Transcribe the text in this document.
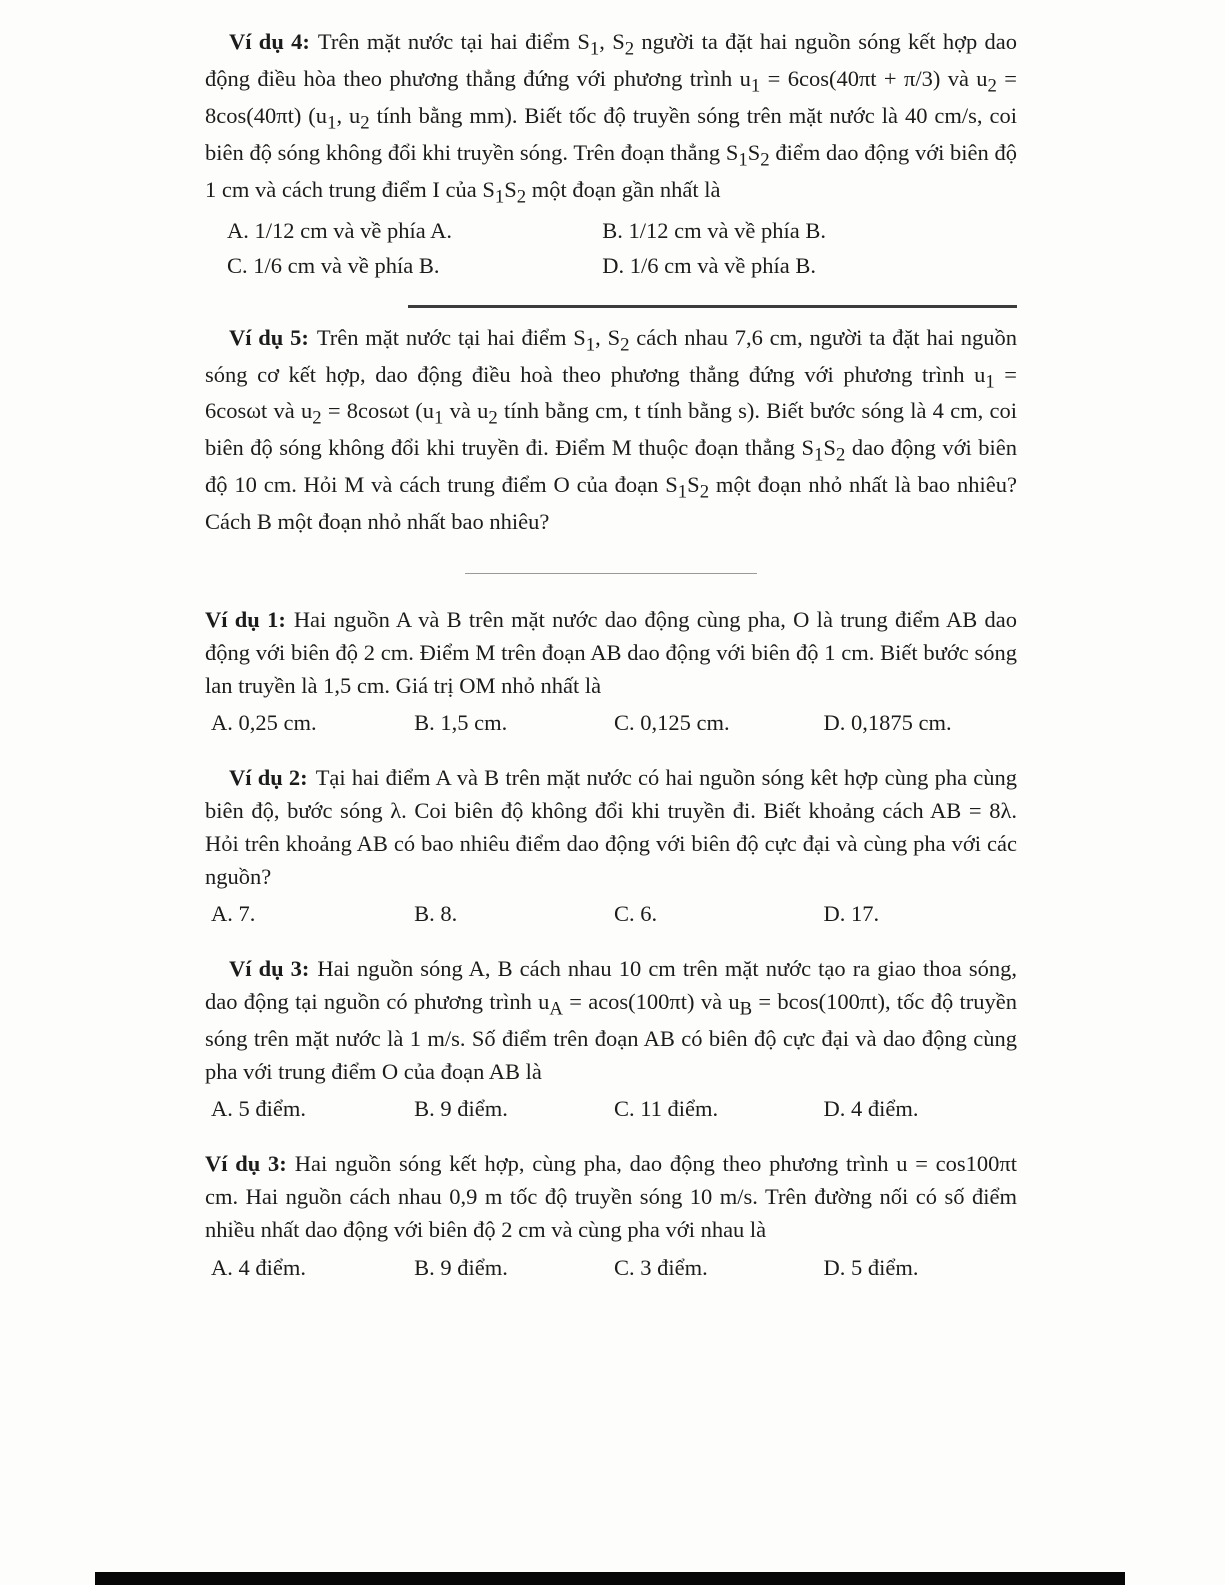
Ví dụ 4: Trên mặt nước tại hai điểm $S_1$, $S_2$ người ta đặt hai nguồn sóng kết hợp dao động điều hòa theo phương thẳng đứng với phương trình $u_1 = 6\cos(40\pi t + \pi/3)$ và $u_2 = 8\cos(40\pi t)$ ($u_1$, $u_2$ tính bằng mm). Biết tốc độ truyền sóng trên mặt nước là 40 cm/s, coi biên độ sóng không đổi khi truyền sóng. Trên đoạn thẳng $S_1S_2$ điểm dao động với biên độ 1 cm và cách trung điểm I của $S_1S_2$ một đoạn gần nhất là

A. 1/12 cm và về phía A.	B. 1/12 cm và về phía B.
C. 1/6 cm và về phía B.	D. 1/6 cm và về phía B.

Ví dụ 5: Trên mặt nước tại hai điểm $S_1$, $S_2$ cách nhau 7,6 cm, người ta đặt hai nguồn sóng cơ kết hợp, dao động điều hoà theo phương thẳng đứng với phương trình $u_1 = 6\cos\omega t$ và $u_2 = 8\cos\omega t$ ($u_1$ và $u_2$ tính bằng cm, t tính bằng s). Biết bước sóng là 4 cm, coi biên độ sóng không đổi khi truyền đi. Điểm M thuộc đoạn thẳng $S_1S_2$ dao động với biên độ 10 cm. Hỏi M và cách trung điểm O của đoạn $S_1S_2$ một đoạn nhỏ nhất là bao nhiêu? Cách B một đoạn nhỏ nhất bao nhiêu?

Ví dụ 1: Hai nguồn A và B trên mặt nước dao động cùng pha, O là trung điểm AB dao động với biên độ 2 cm. Điểm M trên đoạn AB dao động với biên độ 1 cm. Biết bước sóng lan truyền là 1,5 cm. Giá trị OM nhỏ nhất là

A. 0,25 cm.	B. 1,5 cm.	C. 0,125 cm.	D. 0,1875 cm.

Ví dụ 2: Tại hai điểm A và B trên mặt nước có hai nguồn sóng kêt hợp cùng pha cùng biên độ, bước sóng λ. Coi biên độ không đổi khi truyền đi. Biết khoảng cách AB = 8λ. Hỏi trên khoảng AB có bao nhiêu điểm dao động với biên độ cực đại và cùng pha với các nguồn?

A. 7.	B. 8.	C. 6.	D. 17.

Ví dụ 3: Hai nguồn sóng A, B cách nhau 10 cm trên mặt nước tạo ra giao thoa sóng, dao động tại nguồn có phương trình $u_A = acos(100\pi t)$ và $u_B = bcos(100\pi t)$, tốc độ truyền sóng trên mặt nước là 1 m/s. Số điểm trên đoạn AB có biên độ cực đại và dao động cùng pha với trung điểm O của đoạn AB là

A. 5 điểm.	B. 9 điểm.	C. 11 điểm.	D. 4 điểm.

Ví dụ 3: Hai nguồn sóng kết hợp, cùng pha, dao động theo phương trình u = cos100πt cm. Hai nguồn cách nhau 0,9 m tốc độ truyền sóng 10 m/s. Trên đường nối có số điểm nhiều nhất dao động với biên độ 2 cm và cùng pha với nhau là

A. 4 điểm.	B. 9 điểm.	C. 3 điểm.	D. 5 điểm.
